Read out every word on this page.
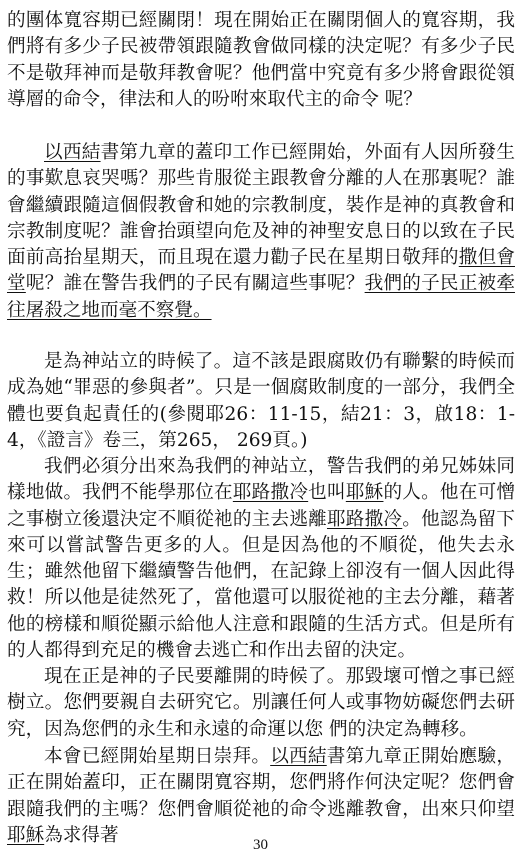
的團体寬容期已經關閉！現在開始正在關閉個人的寬容期，我們將有多少子民被帶領跟隨教會做同樣的決定呢？有多少子民不是敬拜神而是敬拜教會呢？他們當中究竟有多少將會跟從領導層的命令，律法和人的吩咐來取代主的命令 呢？

以西結書第九章的蓋印工作已經開始，外面有人因所發生的事歎息哀哭嗎？那些肯服從主跟教會分離的人在那裏呢？誰會繼續跟隨這個假教會和她的宗教制度，裝作是神的真教會和宗教制度呢？誰會抬頭望向危及神的神聖安息日的以致在子民面前高抬星期天，而且現在還力勸子民在星期日敬拜的撒但會堂呢？誰在警告我們的子民有關這些事呢？我們的子民正被牽往屠殺之地而毫不察覺。

是為神站立的時候了。這不該是跟腐敗仍有聯繫的時候而成為她“罪惡的參與者”。只是一個腐敗制度的一部分，我們全體也要負起責任的(參閱耶26：11-15，結21：3，啟18：1-4，《證言》卷三，第265， 269頁。)

我們必須分出來為我們的神站立，警告我們的弟兄姊妹同樣地做。我們不能學那位在耶路撒冷也叫耶穌的人。他在可憎之事樹立後還決定不順從祂的主去逃離耶路撒冷。他認為留下來可以嘗試警告更多的人。但是因為他的不順從，他失去永生；雖然他留下繼續警告他們，在記錄上卻沒有一個人因此得救！所以他是徒然死了，當他還可以服從祂的主去分離，藉著他的榜樣和順從顯示給他人注意和跟隨的生活方式。但是所有的人都得到充足的機會去逃亡和作出去留的決定。

現在正是神的子民要離開的時候了。那毀壞可憎之事已經樹立。您們要親自去研究它。別讓任何人或事物妨礙您們去研究，因為您們的永生和永遠的命運以您 們的決定為轉移。

本會已經開始星期日崇拜。以西結書第九章正開始應驗，正在開始蓋印，正在關閉寬容期，您們將作何決定呢？您們會跟隨我們的主嗎？您們會順從祂的命令逃離教會，出來只仰望耶穌為求得著	30
